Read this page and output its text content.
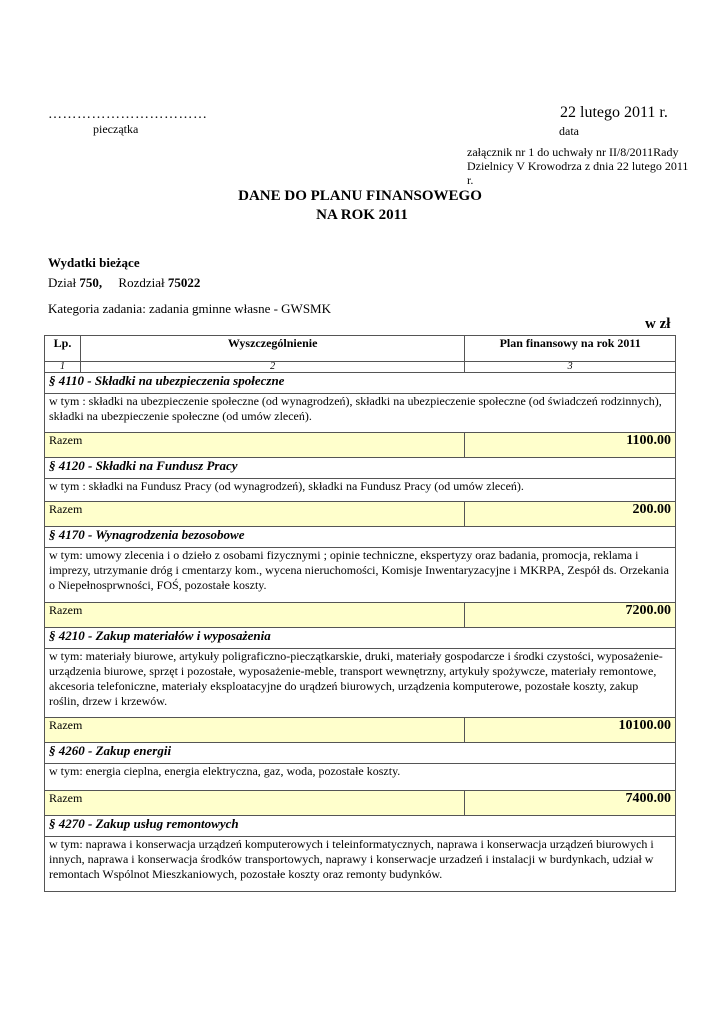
……………………………	22 lutego 2011 r.
pieczątka	data
załącznik nr 1 do uchwały nr II/8/2011Rady Dzielnicy V Krowodrza z dnia 22 lutego 2011 r.
DANE DO PLANU FINANSOWEGO
NA ROK 2011
Wydatki bieżące
Dział 750, Rozdział 75022
Kategoria zadania: zadania gminne własne - GWSMK
w zł
Lp.	Wyszczególnienie	Plan finansowy na rok 2011
1	2	3
§ 4110 - Składki na ubezpieczenia społeczne		
w tym : składki na ubezpieczenie społeczne (od wynagrodzeń), składki na ubezpieczenie społeczne (od świadczeń rodzinnych), składki na ubezpieczenie społeczne (od umów zleceń).		
Razem		1100.00
§ 4120 - Składki na Fundusz Pracy		
w tym : składki na Fundusz Pracy (od wynagrodzeń), składki na Fundusz Pracy (od umów zleceń).		
Razem		200.00
§ 4170 - Wynagrodzenia bezosobowe		
w tym: umowy zlecenia i o dzieło z osobami fizycznymi ; opinie techniczne, ekspertyzy oraz badania, promocja, reklama i imprezy, utrzymanie dróg i cmentarzy kom., wycena nieruchomości, Komisje Inwentaryzacyjne i MKRPA, Zespół ds. Orzekania o Niepełnosprwności, FOŚ, pozostałe koszty.		
Razem		7200.00
§ 4210 - Zakup materiałów i wyposażenia		
w tym: materiały biurowe, artykuły poligraficzno-pieczątkarskie, druki, materiały gospodarcze i środki czystości, wyposażenie-urządzenia biurowe, sprzęt i pozostałe, wyposażenie-meble, transport wewnętrzny, artykuły spożywcze, materiały remontowe, akcesoria telefoniczne, materiały eksploatacyjne do urądzeń biurowych, urządzenia komputerowe, pozostałe koszty, zakup roślin, drzew i krzewów.		
Razem		10100.00
§ 4260 - Zakup energii		
w tym: energia cieplna, energia elektryczna, gaz, woda, pozostałe koszty.		
Razem		7400.00
§ 4270 - Zakup usług remontowych		
w tym: naprawa i konserwacja urządzeń komputerowych i teleinformatycznych, naprawa i konserwacja urządzeń biurowych i innych, naprawa i konserwacja środków transportowych, naprawy i konserwacje urzadzeń i instalacji w burdynkach, udział w remontach Wspólnot Mieszkaniowych, pozostałe koszty oraz remonty budynków.		
